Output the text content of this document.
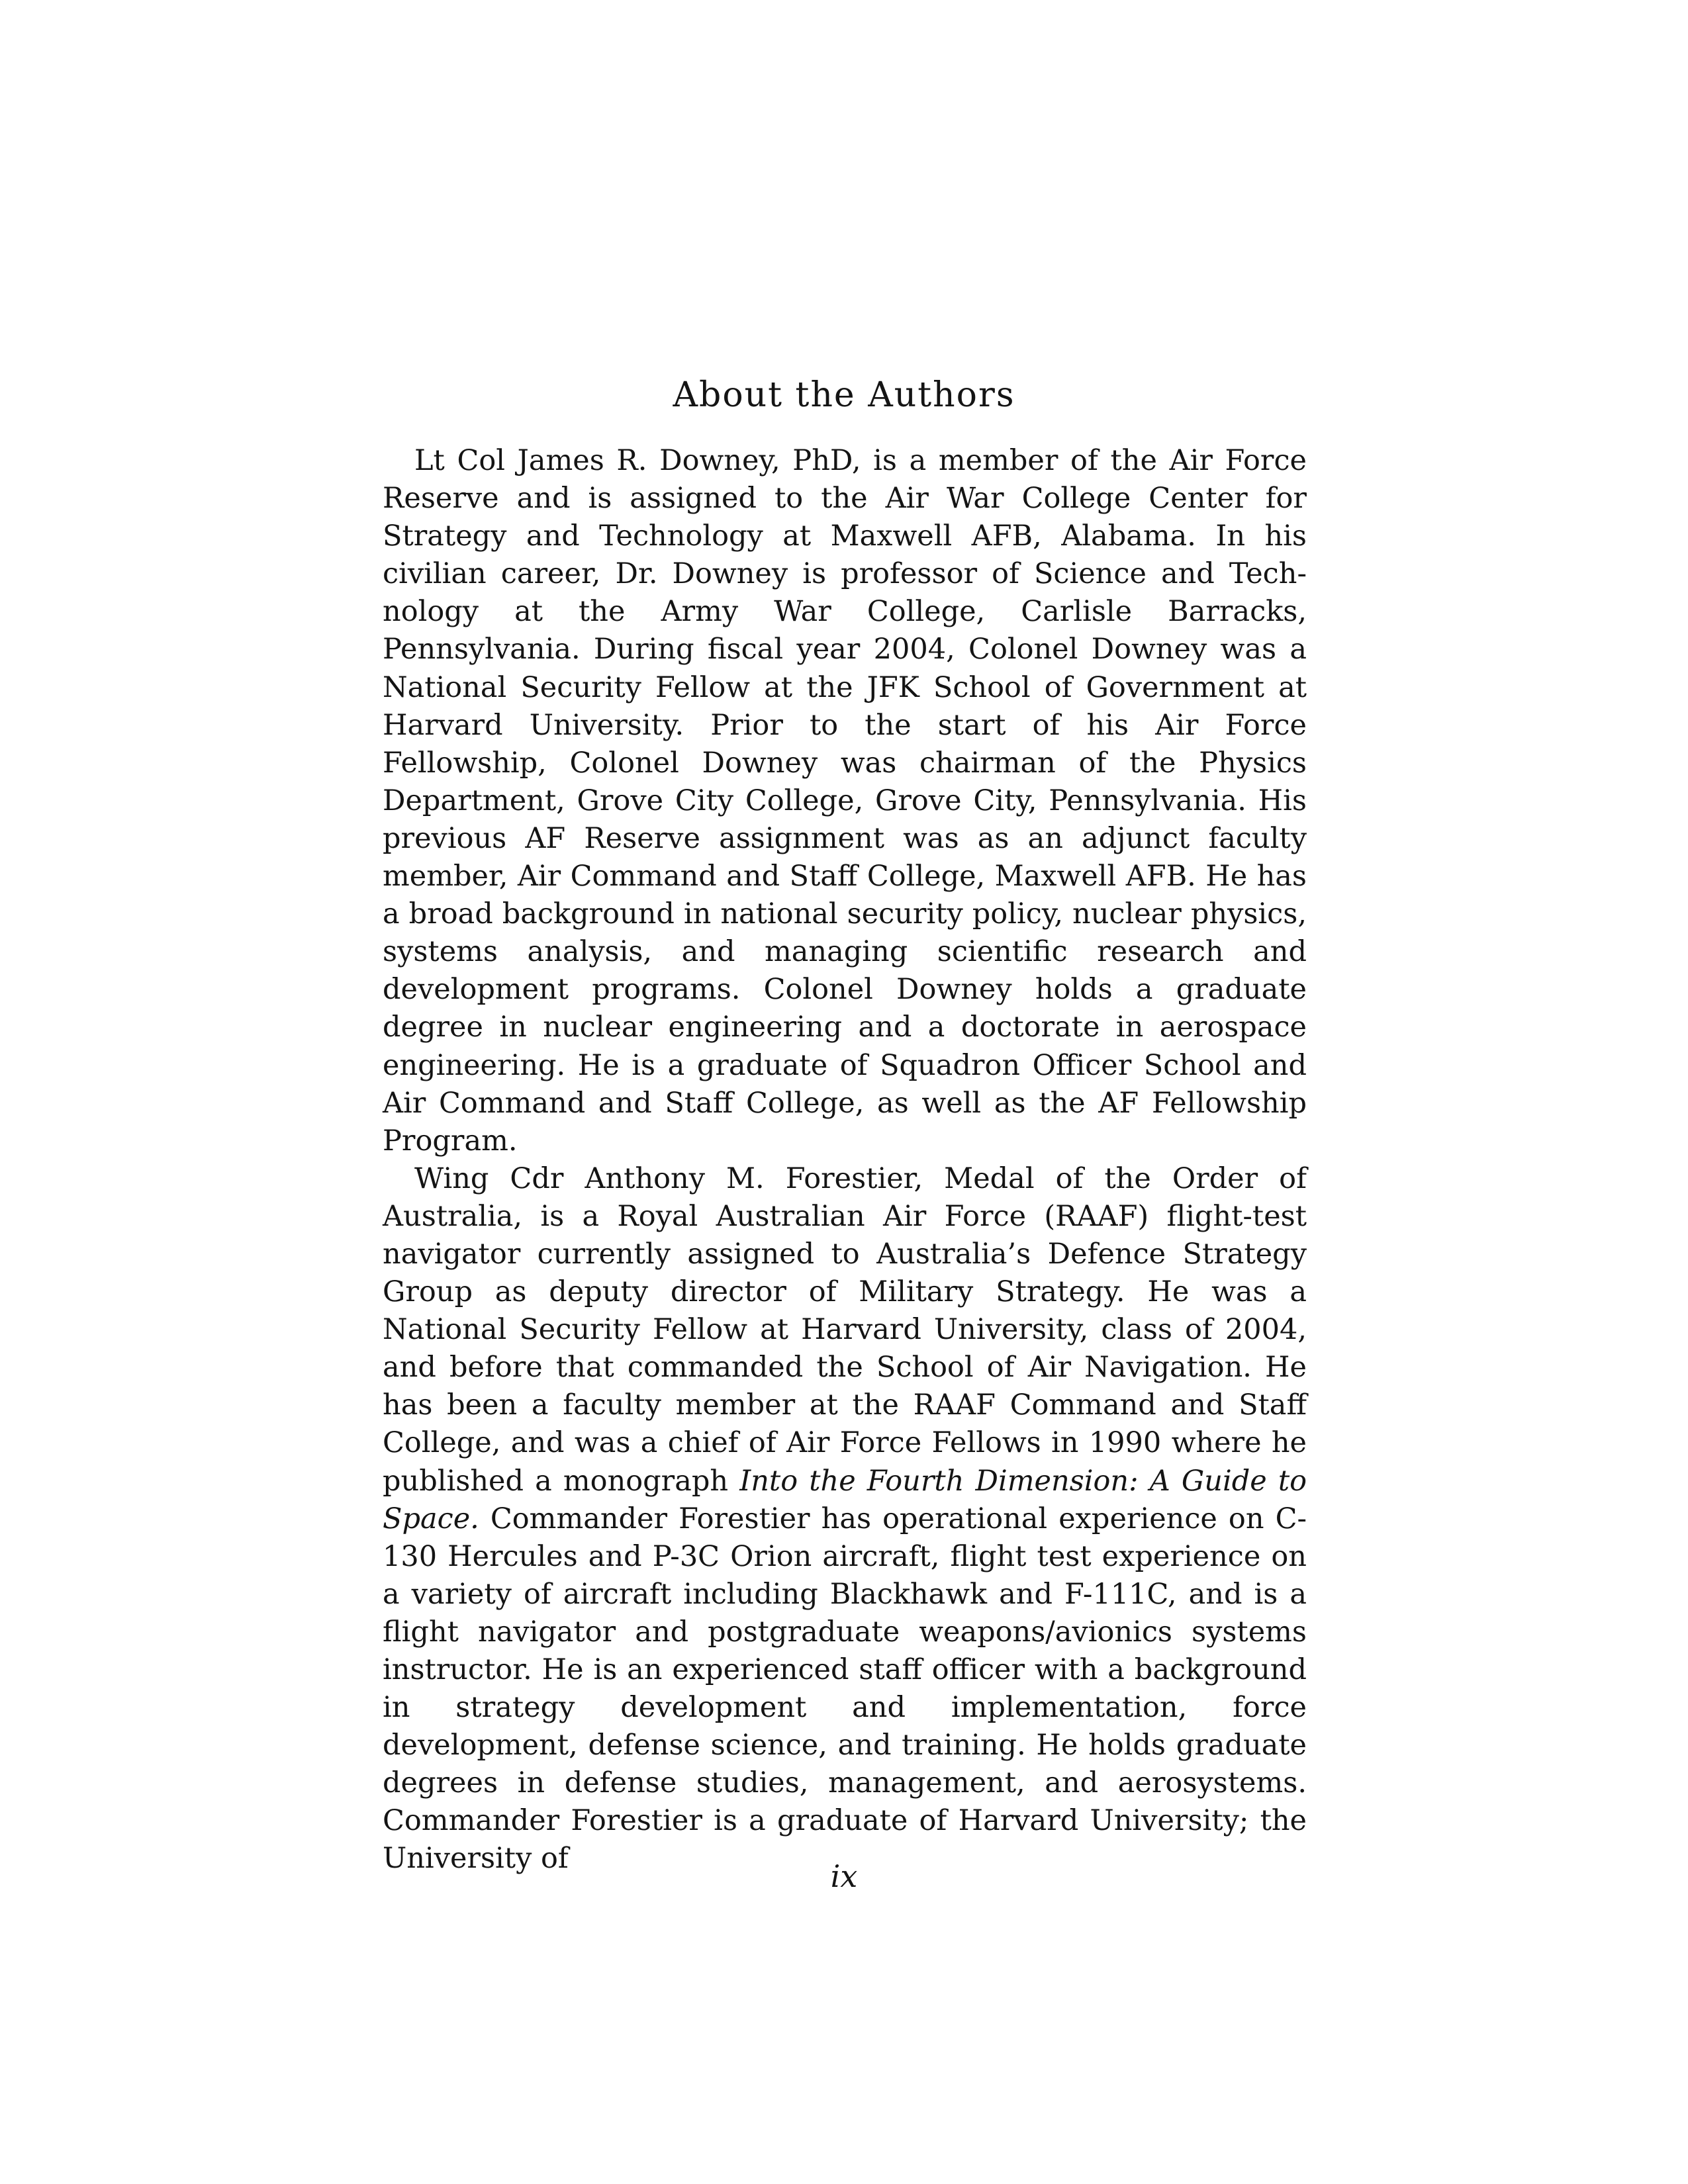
About the Authors

Lt Col James R. Downey, PhD, is a member of the Air Force Reserve and is assigned to the Air War College Center for Strategy and Technology at Maxwell AFB, Alabama. In his civilian career, Dr. Downey is professor of Science and Technology at the Army War College, Carlisle Barracks, Pennsylvania. During fiscal year 2004, Colonel Downey was a National Security Fellow at the JFK School of Government at Harvard University. Prior to the start of his Air Force Fellowship, Colonel Downey was chairman of the Physics Department, Grove City College, Grove City, Pennsylvania. His previous AF Reserve assignment was as an adjunct faculty member, Air Command and Staff College, Maxwell AFB. He has a broad background in national security policy, nuclear physics, systems analysis, and managing scientific research and development programs. Colonel Downey holds a graduate degree in nuclear engineering and a doctorate in aerospace engineering. He is a graduate of Squadron Officer School and Air Command and Staff College, as well as the AF Fellowship Program.

Wing Cdr Anthony M. Forestier, Medal of the Order of Australia, is a Royal Australian Air Force (RAAF) flight-test navigator currently assigned to Australia’s Defence Strategy Group as deputy director of Military Strategy. He was a National Security Fellow at Harvard University, class of 2004, and before that commanded the School of Air Navigation. He has been a faculty member at the RAAF Command and Staff College, and was a chief of Air Force Fellows in 1990 where he published a monograph Into the Fourth Dimension: A Guide to Space. Commander Forestier has operational experience on C-130 Hercules and P-3C Orion aircraft, flight test experience on a variety of aircraft including Blackhawk and F-111C, and is a flight navigator and postgraduate weapons/avionics systems instructor. He is an experienced staff officer with a background in strategy development and implementation, force development, defense science, and training. He holds graduate degrees in defense studies, management, and aerosystems. Commander Forestier is a graduate of Harvard University; the University of	ix
